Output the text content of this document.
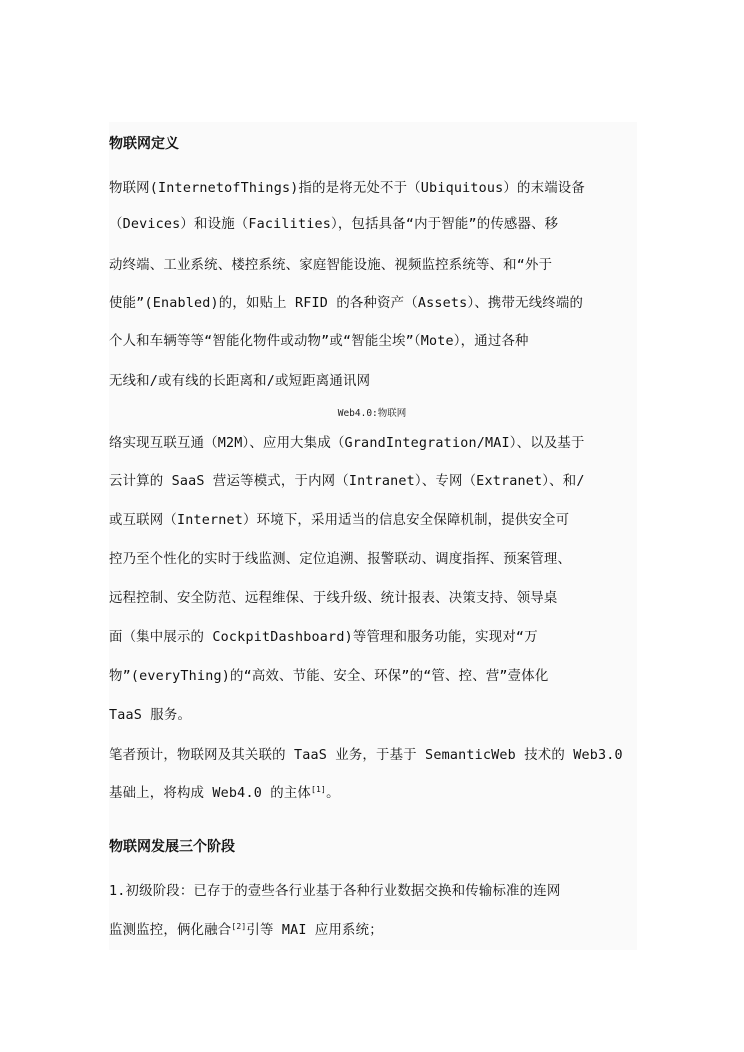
物联网定义
物联网(InternetofThings)指的是将无处不于（Ubiquitous）的末端设备
（Devices）和设施（Facilities），包括具备“内于智能”的传感器、移
动终端、工业系统、楼控系统、家庭智能设施、视频监控系统等、和“外于
使能”(Enabled)的，如贴上 RFID 的各种资产（Assets）、携带无线终端的
个人和车辆等等“智能化物件或动物”或“智能尘埃”（Mote），通过各种
无线和/或有线的长距离和/或短距离通讯网
Web4.0:物联网
络实现互联互通（M2M）、应用大集成（GrandIntegration/MAI）、以及基于
云计算的 SaaS 营运等模式，于内网（Intranet）、专网（Extranet）、和/
或互联网（Internet）环境下，采用适当的信息安全保障机制，提供安全可
控乃至个性化的实时于线监测、定位追溯、报警联动、调度指挥、预案管理、
远程控制、安全防范、远程维保、于线升级、统计报表、决策支持、领导桌
面（集中展示的 CockpitDashboard)等管理和服务功能，实现对“万
物”(everyThing)的“高效、节能、安全、环保”的“管、控、营”壹体化
TaaS 服务。
笔者预计，物联网及其关联的 TaaS 业务，于基于 SemanticWeb 技术的 Web3.0
基础上，将构成 Web4.0 的主体[1]。
物联网发展三个阶段
1.初级阶段：已存于的壹些各行业基于各种行业数据交换和传输标准的连网
监测监控，俩化融合[2]引等 MAI 应用系统；
